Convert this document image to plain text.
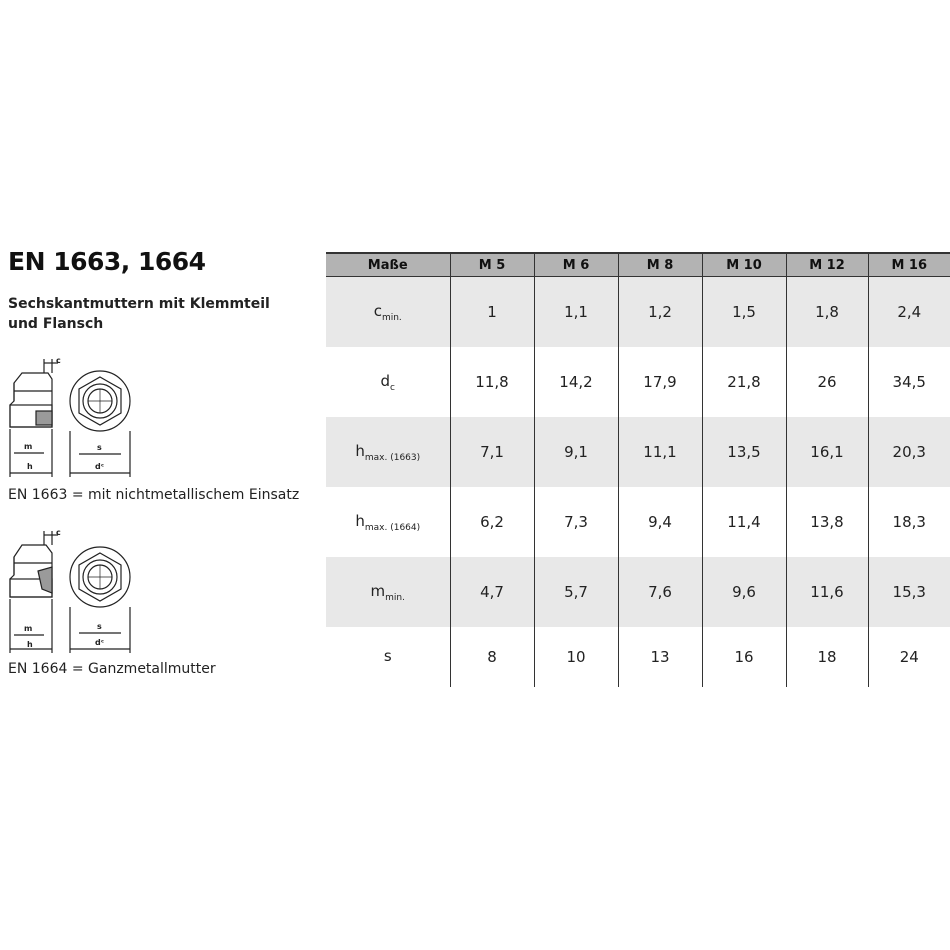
EN 1663, 1664
Sechskantmuttern mit Klemmteil
und Flansch
c
m
h
s
dᶜ
EN 1663 = mit nichtmetallischem Einsatz
c
m
h
s
dᶜ
EN 1664 = Ganzmetallmutter
Maße	M 5	M 6	M 8	M 10	M 12	M 16
$c_{min.}$	1	1,1	1,2	1,5	1,8	2,4
$d_c$	11,8	14,2	17,9	21,8	26	34,5
$h_{max. (1663)}$	7,1	9,1	11,1	13,5	16,1	20,3
$h_{max. (1664)}$	6,2	7,3	9,4	11,4	13,8	18,3
$m_{min.}$	4,7	5,7	7,6	9,6	11,6	15,3
s	8	10	13	16	18	24
